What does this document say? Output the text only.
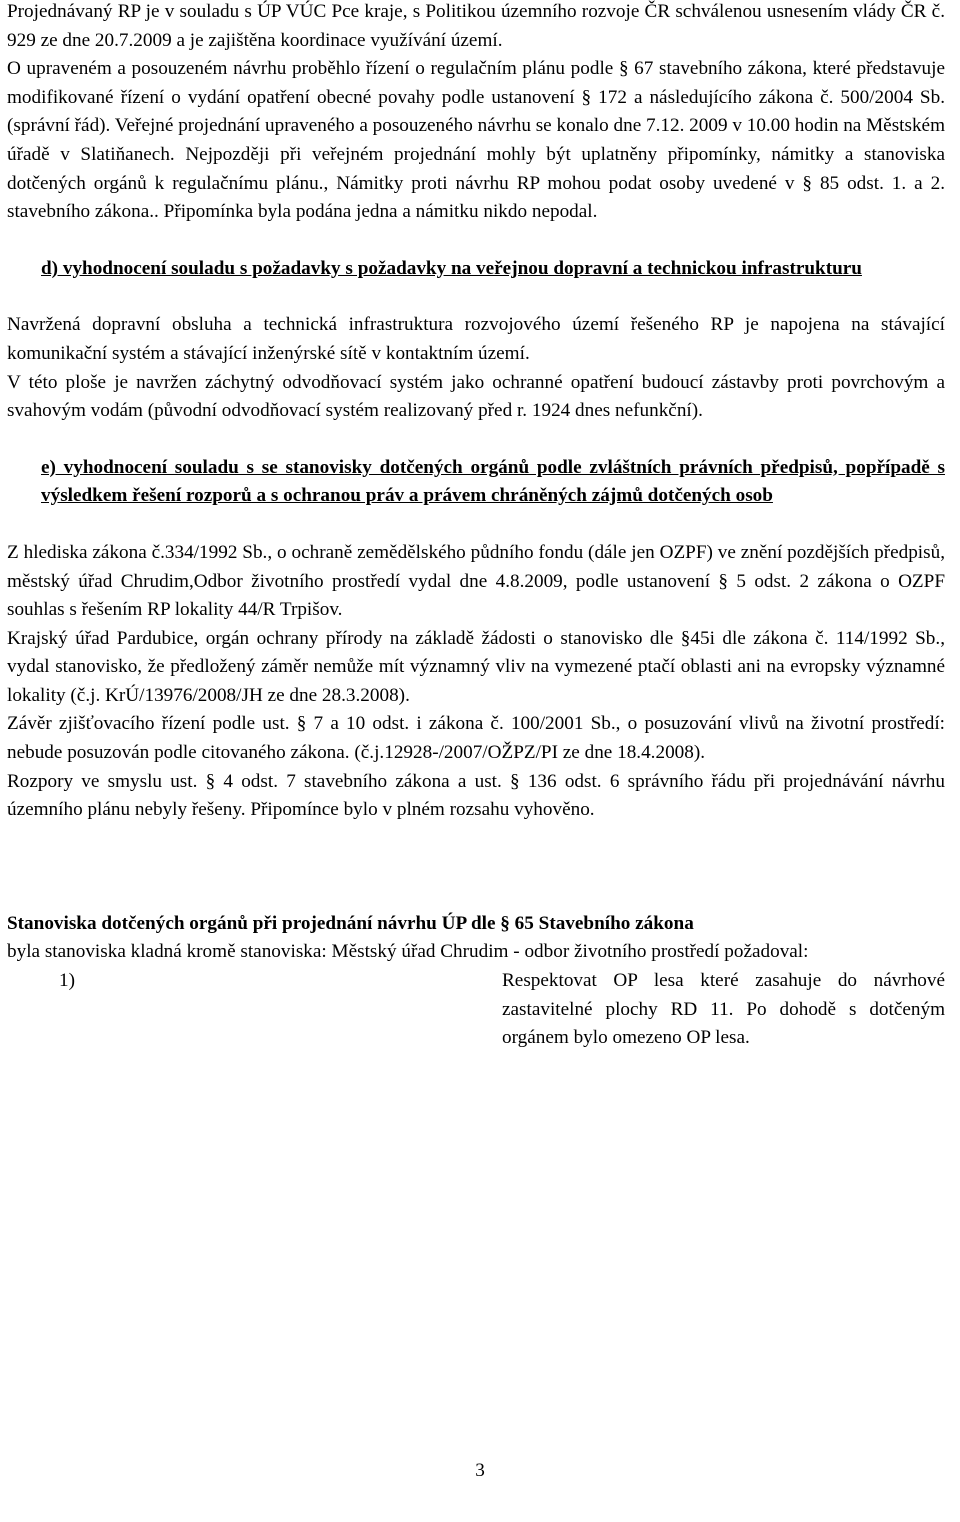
Projednávaný RP je v souladu s ÚP VÚC Pce kraje, s Politikou územního rozvoje ČR schválenou usnesením vlády ČR č. 929 ze dne 20.7.2009 a je zajištěna koordinace využívání území.

O upraveném a posouzeném návrhu proběhlo řízení o regulačním plánu podle § 67 stavebního zákona, které představuje modifikované řízení o vydání opatření obecné povahy podle ustanovení § 172 a následujícího zákona č. 500/2004 Sb. (správní řád). Veřejné projednání upraveného a posouzeného návrhu se konalo dne 7.12. 2009 v 10.00 hodin na Městském úřadě v Slatiňanech. Nejpozději při veřejném projednání mohly být uplatněny připomínky, námitky a stanoviska dotčených orgánů k regulačnímu plánu., Námitky proti návrhu RP mohou podat osoby uvedené v § 85 odst. 1. a 2. stavebního zákona.. Připomínka byla podána jedna a námitku nikdo nepodal.

d) vyhodnocení souladu s požadavky s požadavky na veřejnou dopravní a technickou infrastrukturu

Navržená dopravní obsluha a technická infrastruktura rozvojového území řešeného RP je napojena na stávající komunikační systém a stávající inženýrské sítě v kontaktním území.

V této ploše je navržen záchytný odvodňovací systém jako ochranné opatření budoucí zástavby proti povrchovým a svahovým vodám (původní odvodňovací systém realizovaný před r. 1924 dnes nefunkční).

e) vyhodnocení souladu s se stanovisky dotčených orgánů podle zvláštních právních předpisů, popřípadě s výsledkem řešení rozporů a s ochranou práv a právem chráněných zájmů dotčených osob

Z hlediska zákona č.334/1992 Sb., o ochraně zemědělského půdního fondu (dále jen OZPF) ve znění pozdějších předpisů, městský úřad Chrudim,Odbor životního prostředí vydal dne 4.8.2009, podle ustanovení § 5 odst. 2 zákona o OZPF souhlas s řešením RP lokality 44/R Trpišov.

Krajský úřad Pardubice, orgán ochrany přírody na základě žádosti o stanovisko dle §45i dle zákona č. 114/1992 Sb., vydal stanovisko, že předložený záměr nemůže mít významný vliv na vymezené ptačí oblasti ani na evropsky významné lokality (č.j. KrÚ/13976/2008/JH ze dne 28.3.2008).

Závěr zjišťovacího řízení podle ust. § 7 a 10 odst. i zákona č. 100/2001 Sb., o posuzování vlivů na životní prostředí: nebude posuzován podle citovaného zákona. (č.j.12928-/2007/OŽPZ/PI ze dne 18.4.2008).

Rozpory ve smyslu ust. § 4 odst. 7 stavebního zákona a ust. § 136 odst. 6 správního řádu při projednávání návrhu územního plánu nebyly řešeny. Připomínce bylo v plném rozsahu vyhověno.

Stanoviska dotčených orgánů při projednání návrhu ÚP dle § 65 Stavebního zákona

byla stanoviska kladná kromě stanoviska: Městský úřad Chrudim - odbor životního prostředí požadoval:

1)	Respektovat OP lesa které zasahuje do návrhové zastavitelné plochy RD 11. Po dohodě s dotčeným orgánem bylo omezeno OP lesa.
3
